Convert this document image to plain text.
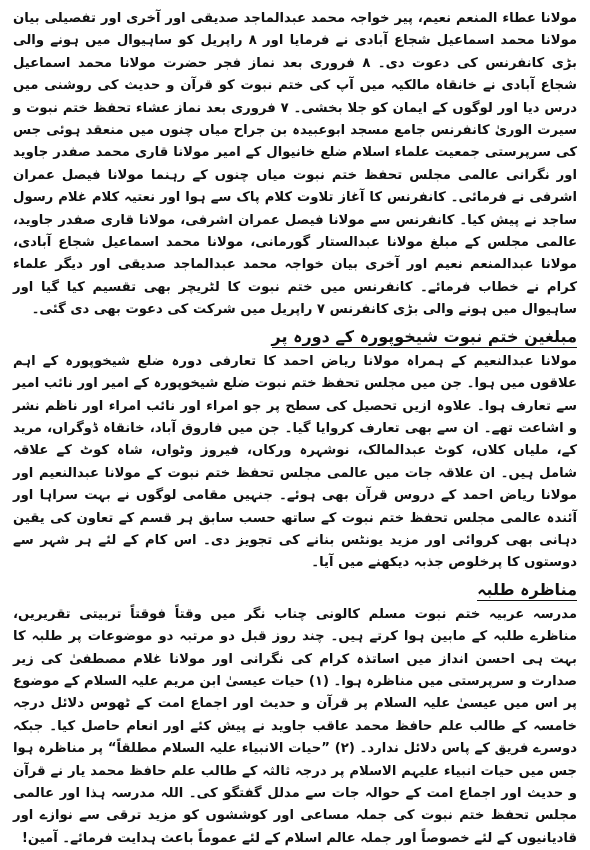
مولانا عطاء المنعم نعیم، پیر خواجہ محمد عبدالماجد صدیقی اور آخری اور تفصیلی بیان مولانا محمد اسماعیل شجاع آبادی نے فرمایا اور ۸ راپریل کو ساہیوال میں ہونے والی بڑی کانفرنس کی دعوت دی۔ ۸ فروری بعد نماز فجر حضرت مولانا محمد اسماعیل شجاع آبادی نے خانقاہ مالکیہ میں آپ کی ختم نبوت کو قرآن و حدیث کی روشنی میں درس دیا اور لوگوں کے ایمان کو جلا بخشی۔ ۷ فروری بعد نماز عشاء تحفظ ختم نبوت و سیرت الوریٰ کانفرنس جامع مسجد ابوعبیدہ بن جراح میاں چنوں میں منعقد ہوئی جس کی سرپرستی جمعیت علماء اسلام ضلع خانیوال کے امیر مولانا قاری محمد صفدر جاوید اور نگرانی عالمی مجلس تحفظ ختم نبوت میاں چنوں کے رہنما مولانا فیصل عمران اشرفی نے فرمائی۔ کانفرنس کا آغاز تلاوت کلام پاک سے ہوا اور نعتیہ کلام غلام رسول ساجد نے پیش کیا۔ کانفرنس سے مولانا فیصل عمران اشرفی، مولانا قاری صفدر جاوید، عالمی مجلس کے مبلغ مولانا عبدالستار گورمانی، مولانا محمد اسماعیل شجاع آبادی، مولانا عبدالمنعم نعیم اور آخری بیان خواجہ محمد عبدالماجد صدیقی اور دیگر علماء کرام نے خطاب فرمائے۔ کانفرنس میں ختم نبوت کا لٹریچر بھی تقسیم کیا گیا اور ساہیوال میں ہونے والی بڑی کانفرنس ۷ راپریل میں شرکت کی دعوت بھی دی گئی۔

مبلغین ختم نبوت شیخوپورہ کے دورہ پر

مولانا عبدالنعیم کے ہمراہ مولانا ریاض احمد کا تعارفی دورہ ضلع شیخوپورہ کے اہم علاقوں میں ہوا۔ جن میں مجلس تحفظ ختم نبوت ضلع شیخوپورہ کے امیر اور نائب امیر سے تعارف ہوا۔ علاوہ ازیں تحصیل کی سطح پر جو امراء اور نائب امراء اور ناظم نشر و اشاعت تھے۔ ان سے بھی تعارف کروایا گیا۔ جن میں فاروق آباد، خانقاہ ڈوگراں، مرید کے، ملیاں کلاں، کوٹ عبدالمالک، نوشہرہ ورکاں، فیروز وٹواں، شاہ کوٹ کے علاقہ شامل ہیں۔ ان علاقہ جات میں عالمی مجلس تحفظ ختم نبوت کے مولانا عبدالنعیم اور مولانا ریاض احمد کے دروس قرآن بھی ہوئے۔ جنہیں مقامی لوگوں نے بہت سراہا اور آئندہ عالمی مجلس تحفظ ختم نبوت کے ساتھ حسب سابق ہر قسم کے تعاون کی یقین دہانی بھی کروائی اور مزید یونٹس بنانے کی تجویز دی۔ اس کام کے لئے ہر شہر سے دوستوں کا پرخلوص جذبہ دیکھنے میں آیا۔

مناظرہ طلبہ

مدرسہ عربیہ ختم نبوت مسلم کالونی چناب نگر میں وقتاً فوقتاً تربیتی تقریریں، مناظرے طلبہ کے مابین ہوا کرتے ہیں۔ چند روز قبل دو مرتبہ دو موضوعات پر طلبہ کا بہت ہی احسن انداز میں اساتذہ کرام کی نگرانی اور مولانا غلام مصطفیٰ کی زیر صدارت و سرپرستی میں مناظرہ ہوا۔ (۱) حیات عیسیٰ ابن مریم علیہ السلام کے موضوع پر اس میں عیسیٰ علیہ السلام پر قرآن و حدیث اور اجماع امت کے ٹھوس دلائل درجہ خامسہ کے طالب علم حافظ محمد عاقب جاوید نے پیش کئے اور انعام حاصل کیا۔ جبکہ دوسرے فریق کے پاس دلائل ندارد۔ (۲) ”حیات الانبیاء علیہ السلام مطلقاً“ پر مناظرہ ہوا جس میں حیات انبیاء علیہم الاسلام پر درجہ ثالثہ کے طالب علم حافظ محمد یار نے قرآن و حدیث اور اجماع امت کے حوالہ جات سے مدلل گفتگو کی۔ اللہ مدرسہ ہذا اور عالمی مجلس تحفظ ختم نبوت کی جملہ مساعی اور کوششوں کو مزید ترقی سے نوازے اور قادیانیوں کے لئے خصوصاً اور جملہ عالم اسلام کے لئے عموماً باعث ہدایت فرمائے۔ آمین!
